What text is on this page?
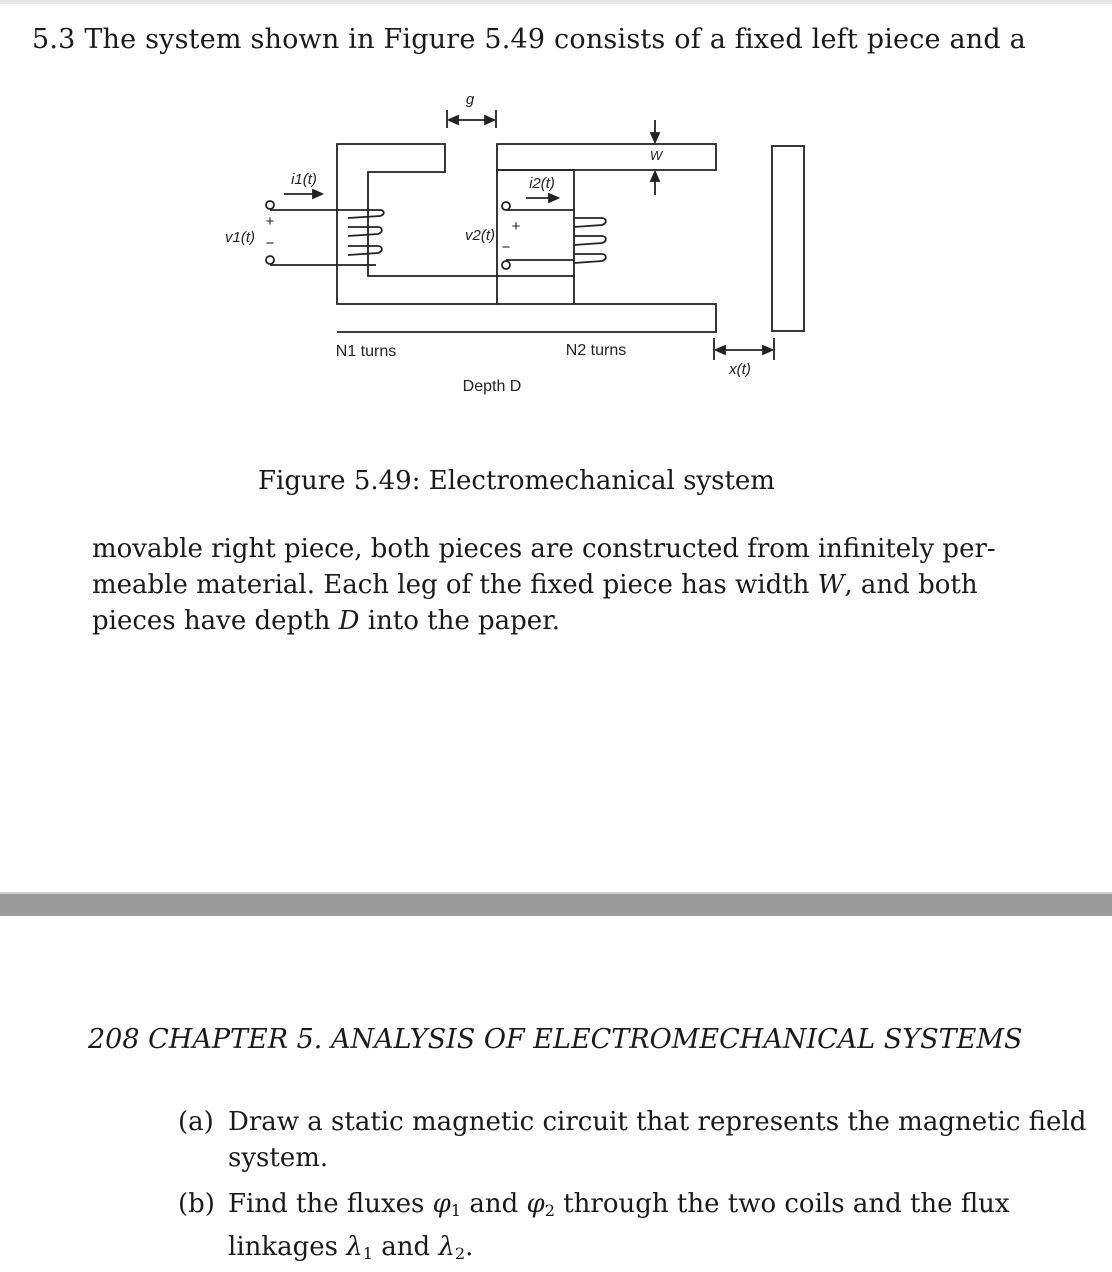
5.3 The system shown in Figure 5.49 consists of a fixed left piece and a
g
W
i1(t)	i2(t)
v1(t)	v2(t)
+
−
+
−
N1 turns	N2 turns
Depth D
x(t)
Figure 5.49: Electromechanical system
movable right piece, both pieces are constructed from infinitely per-
meable material. Each leg of the fixed piece has width W, and both
pieces have depth D into the paper.
208 CHAPTER 5. ANALYSIS OF ELECTROMECHANICAL SYSTEMS
(a) Draw a static magnetic circuit that represents the magnetic field
system.
(b) Find the fluxes $\varphi_1$ and $\varphi_2$ through the two coils and the flux
linkages $\lambda_1$ and $\lambda_2$.
